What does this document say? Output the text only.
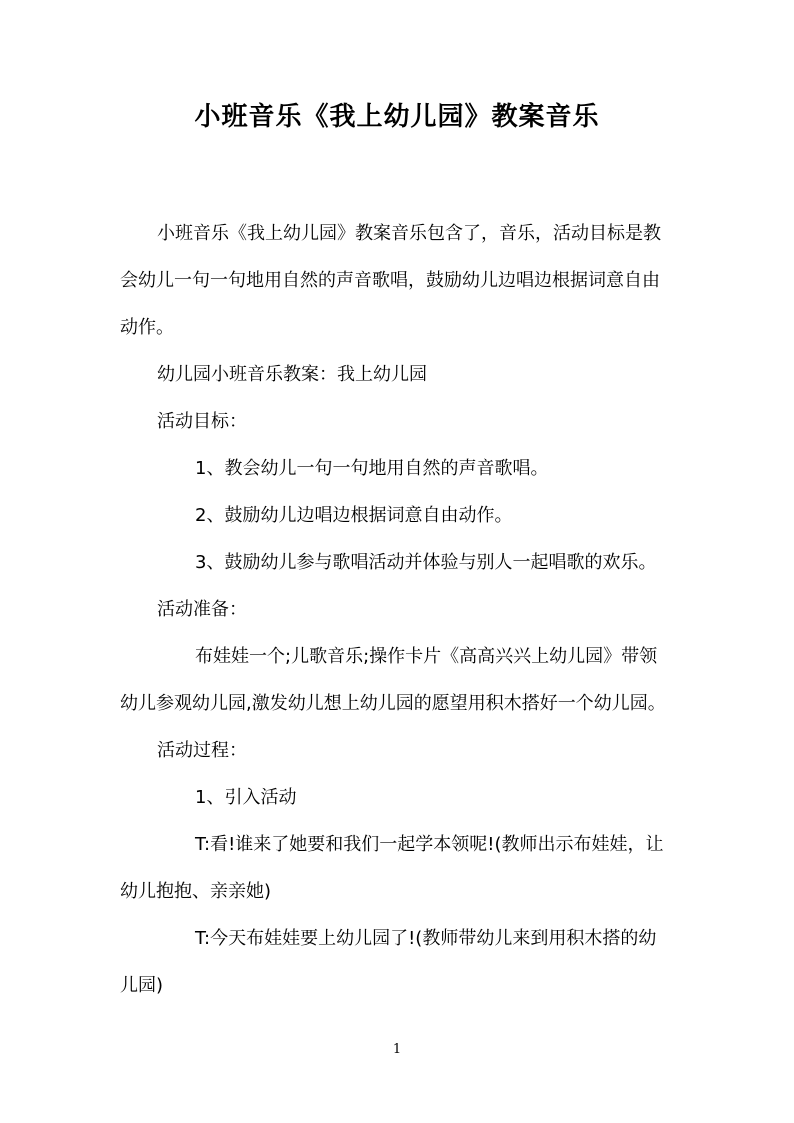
小班音乐《我上幼儿园》教案音乐

小班音乐《我上幼儿园》教案音乐包含了，音乐，活动目标是教

会幼儿一句一句地用自然的声音歌唱，鼓励幼儿边唱边根据词意自由

动作。

幼儿园小班音乐教案：我上幼儿园

活动目标：

1、教会幼儿一句一句地用自然的声音歌唱。

2、鼓励幼儿边唱边根据词意自由动作。

3、鼓励幼儿参与歌唱活动并体验与别人一起唱歌的欢乐。

活动准备：

布娃娃一个;儿歌音乐;操作卡片《高高兴兴上幼儿园》带领

幼儿参观幼儿园,激发幼儿想上幼儿园的愿望用积木搭好一个幼儿园。

活动过程：

1、引入活动

T:看!谁来了她要和我们一起学本领呢!(教师出示布娃娃，让

幼儿抱抱、亲亲她)

T:今天布娃娃要上幼儿园了!(教师带幼儿来到用积木搭的幼

儿园)

1
